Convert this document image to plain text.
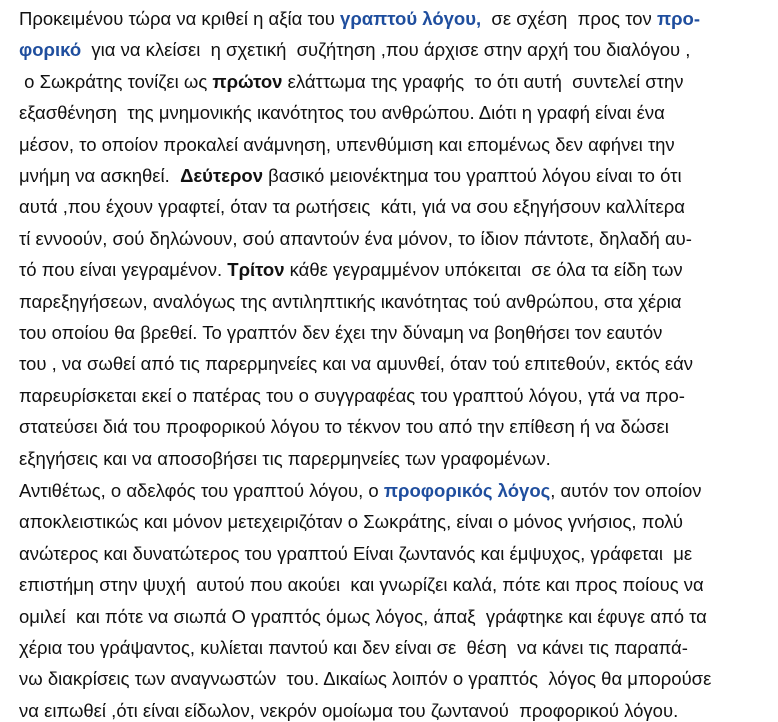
Προκειμένου τώρα να κριθεί η αξία του γραπτού λόγου,  σε σχέση  προς τον προ-
φορικό  για να κλείσει  η σχετική  συζήτηση ,που άρχισε στην αρχή του διαλόγου ,
ο Σωκράτης τονίζει ως πρώτον ελάττωμα της γραφής  το ότι αυτή  συντελεί στην
εξασθένηση  της μνημονικής ικανότητος του ανθρώπου. Διότι η γραφή είναι ένα
μέσον, το οποίον προκαλεί ανάμνηση, υπενθύμιση και επομένως δεν αφήνει την
μνήμη να ασκηθεί.  Δεύτερον βασικό μειονέκτημα του γραπτού λόγου είναι το ότι
αυτά ,που έχουν γραφτεί, όταν τα ρωτήσεις  κάτι, γιά να σου εξηγήσουν καλλίτερα
τί εννοούν, σού δηλώνουν, σού απαντούν ένα μόνον, το ίδιον πάντοτε, δηλαδή αυ-
τό που είναι γεγραμένον. Τρίτον κάθε γεγραμμένον υπόκειται  σε όλα τα είδη των
παρεξηγήσεων, αναλόγως της αντιληπτικής ικανότητας τού ανθρώπου, στα χέρια
του οποίου θα βρεθεί. Το γραπτόν δεν έχει την δύναμη να βοηθήσει τον εαυτόν
του , να σωθεί από τις παρερμηνείες και να αμυνθεί, όταν τού επιτεθούν, εκτός εάν
παρευρίσκεται εκεί ο πατέρας του ο συγγραφέας του γραπτού λόγου, γτά να προ-
στατεύσει διά του προφορικού λόγου το τέκνον του από την επίθεση ή να δώσει
εξηγήσεις και να αποσοβήσει τις παρερμηνείες των γραφομένων.
Αντιθέτως, ο αδελφός του γραπτού λόγου, ο προφορικός λόγος, αυτόν τον οποίον
αποκλειστικώς και μόνον μετεχειριζόταν ο Σωκράτης, είναι ο μόνος γνήσιος, πολύ
ανώτερος και δυνατώτερος του γραπτού Είναι ζωντανός και έμψυχος, γράφεται  με
επιστήμη στην ψυχή  αυτού που ακούει  και γνωρίζει καλά, πότε και προς ποίους να
ομιλεί  και πότε να σιωπά Ο γραπτός όμως λόγος, άπαξ  γράφτηκε και έφυγε από τα
χέρια του γράψαντος, κυλίεται παντού και δεν είναι σε  θέση  να κάνει τις παραπά-
νω διακρίσεις των αναγνωστών  του. Δικαίως λοιπόν ο γραπτός  λόγος θα μπορούσε
να ειπωθεί ,ότι είναι είδωλον, νεκρόν ομοίωμα του ζωντανού  προφορικού λόγου.
